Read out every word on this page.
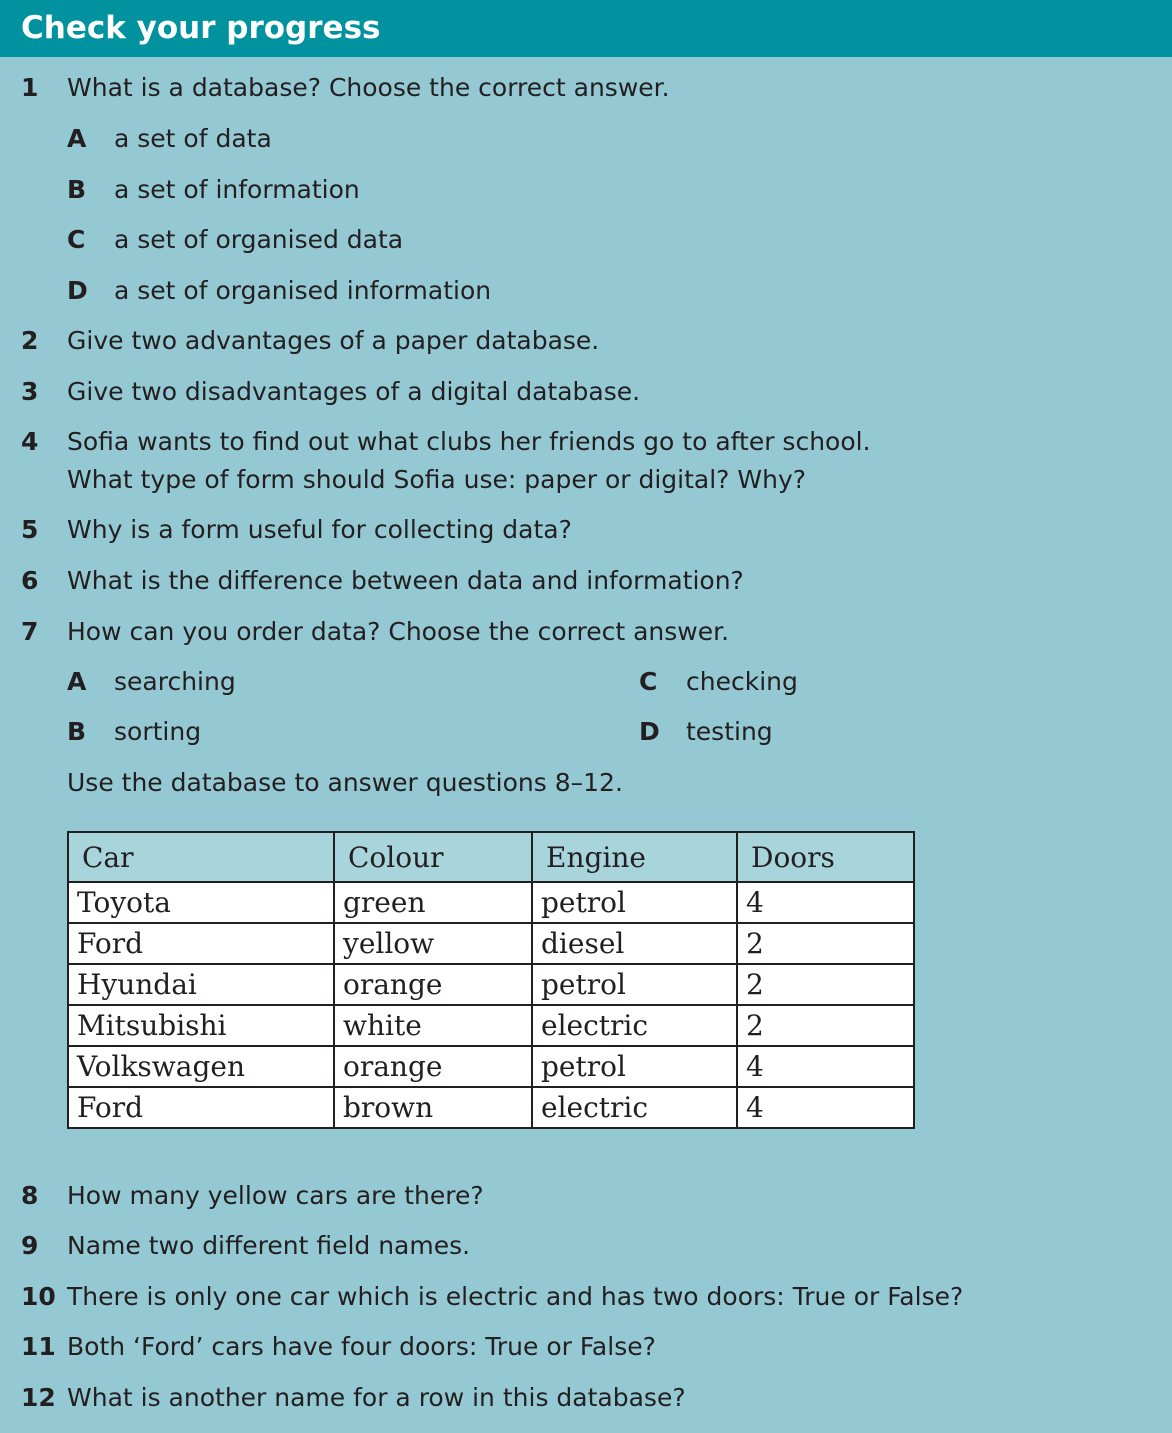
Check your progress
1 What is a database? Choose the correct answer.
A a set of data
B a set of information
C a set of organised data
D a set of organised information
2 Give two advantages of a paper database.
3 Give two disadvantages of a digital database.
4 Sofia wants to find out what clubs her friends go to after school.
What type of form should Sofia use: paper or digital? Why?
5 Why is a form useful for collecting data?
6 What is the difference between data and information?
7 How can you order data? Choose the correct answer.
A searching
B sorting
C checking
D testing
Use the database to answer questions 8–12.
Car	Colour	Engine	Doors
Toyota	green	petrol	4
Ford	yellow	diesel	2
Hyundai	orange	petrol	2
Mitsubishi	white	electric	2
Volkswagen	orange	petrol	4
Ford	brown	electric	4
8 How many yellow cars are there?
9 Name two different field names.
10 There is only one car which is electric and has two doors: True or False?
11 Both ‘Ford’ cars have four doors: True or False?
12 What is another name for a row in this database?
